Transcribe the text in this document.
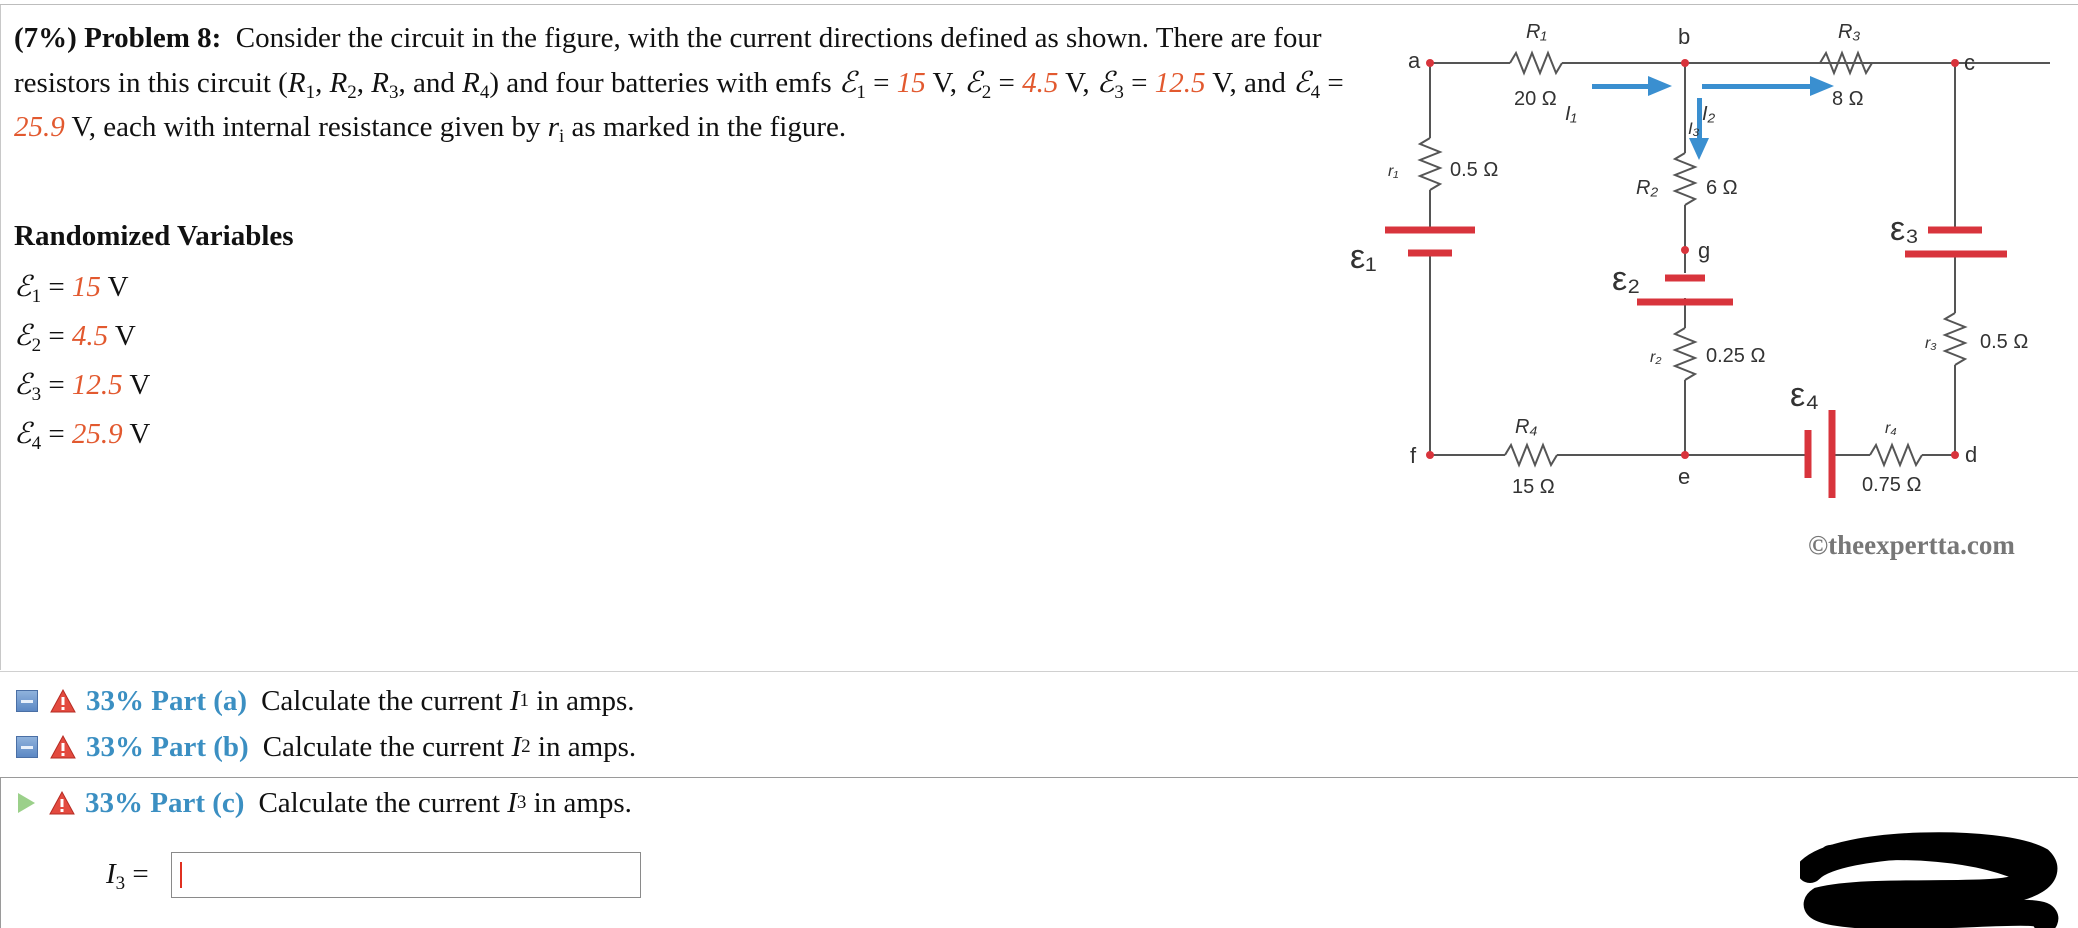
(7%) Problem 8: Consider the circuit in the figure, with the current directions defined as shown. There are four resistors in this circuit ($R_1$, $R_2$, $R_3$, and $R_4$) and four batteries with emfs ℰ$_1$ = 15 V, ℰ$_2$ = 4.5 V, ℰ$_3$ = 12.5 V, and ℰ$_4$ = 25.9 V, each with internal resistance given by $r_i$ as marked in the figure.
Randomized Variables
ℰ$_1$ = 15 V
ℰ$_2$ = 4.5 V
ℰ$_3$ = 12.5 V
ℰ$_4$ = 25.9 V
a
b
c
d
e
f
g
R₁
20 Ω
R₃
8 Ω
R₂ 6 Ω
R₄
15 Ω
r₁	0.5 Ω
r₂ 0.25 Ω
r₃ 0.5 Ω
r₄
0.75 Ω
I₁	I₂
I₃
ε₁
ε₂
ε₃
ε₄
©theexpertta.com
33% Part (a) Calculate the current
I 1
in amps.
33% Part (b) Calculate the current
I 2
in amps.
33% Part (c) Calculate the current
I 3
in amps.
$I_3$ =
